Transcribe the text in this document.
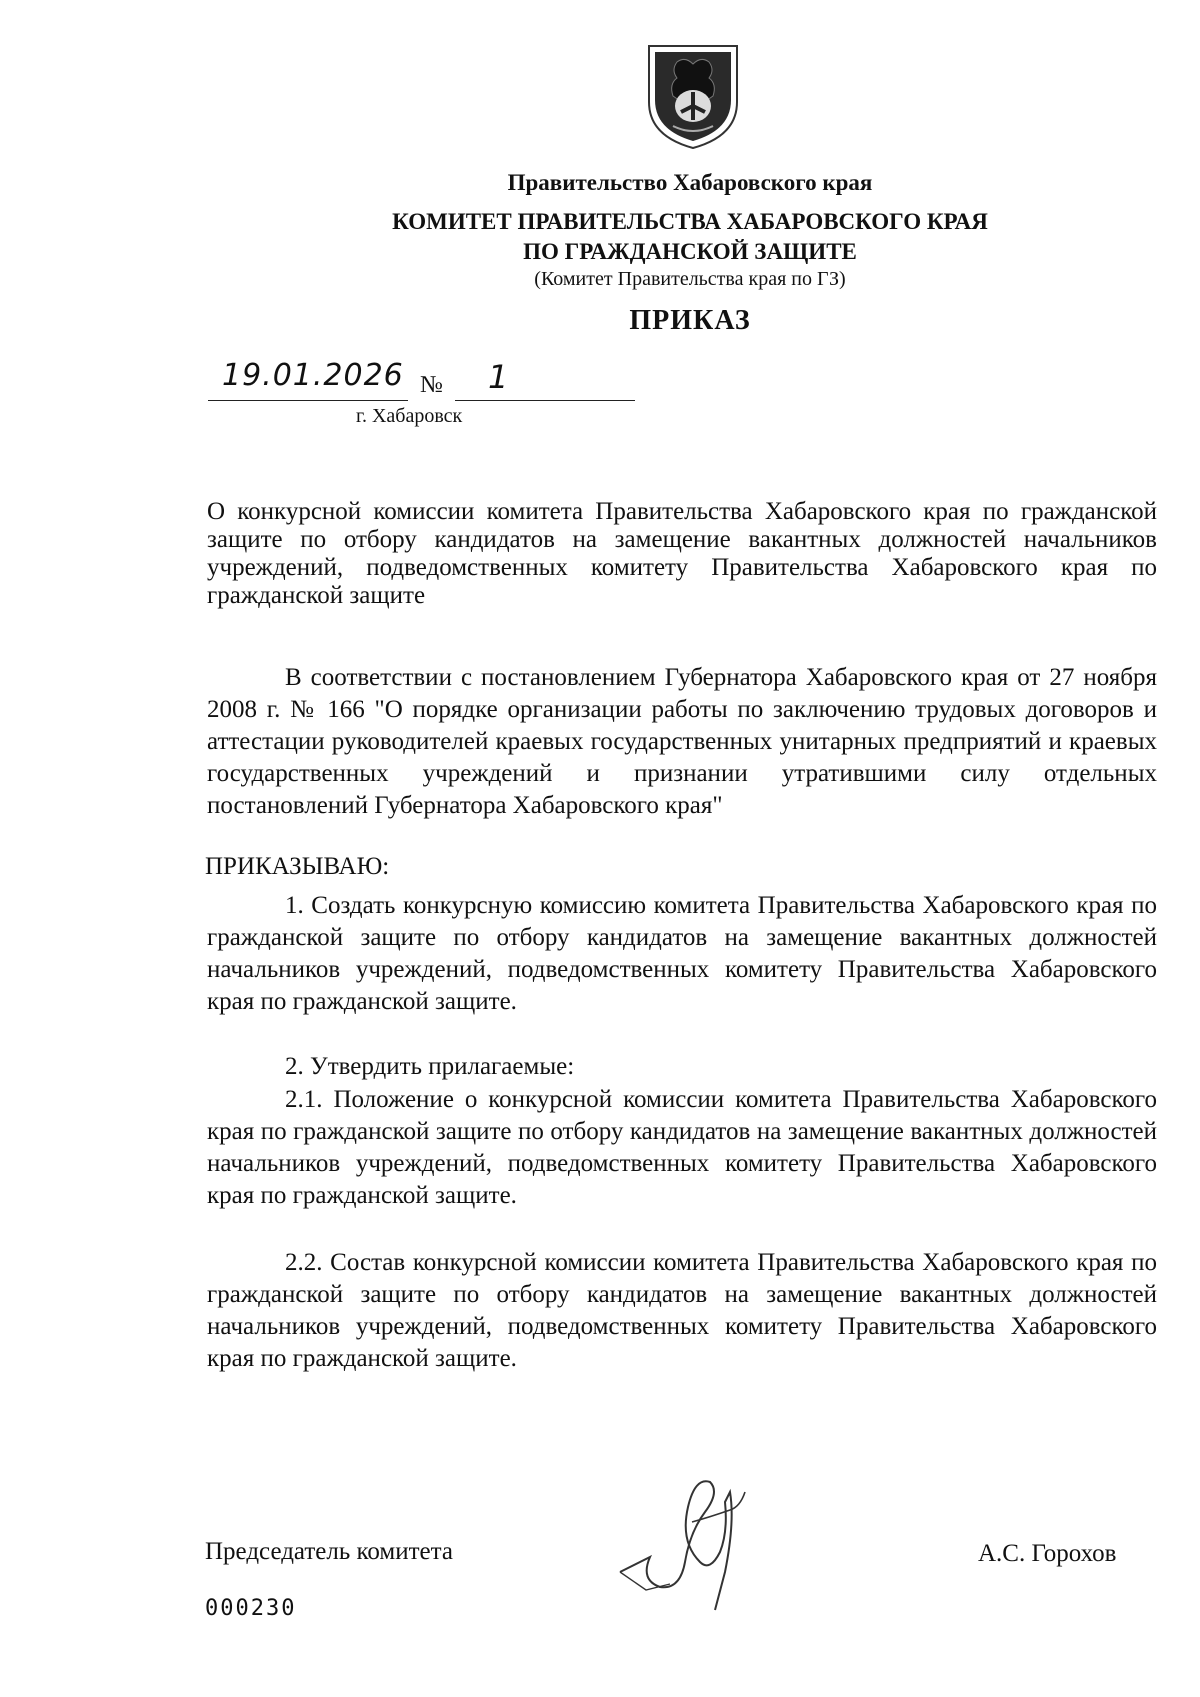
Правительство Хабаровского края
КОМИТЕТ ПРАВИТЕЛЬСТВА ХАБАРОВСКОГО КРАЯ
ПО ГРАЖДАНСКОЙ ЗАЩИТЕ
(Комитет Правительства края по ГЗ)
ПРИКАЗ
19.01.2026 № 1
г. Хабаровск

О конкурсной комиссии комитета Правительства Хабаровского края по гражданской защите по отбору кандидатов на замещение вакантных должностей начальников учреждений, подведомственных комитету Правительства Хабаровского края по гражданской защите

В соответствии с постановлением Губернатора Хабаровского края от 27 ноября 2008 г. № 166 "О порядке организации работы по заключению трудовых договоров и аттестации руководителей краевых государственных унитарных предприятий и краевых государственных учреждений и признании утратившими силу отдельных постановлений Губернатора Хабаровского края"

ПРИКАЗЫВАЮ:

1. Создать конкурсную комиссию комитета Правительства Хабаровского края по гражданской защите по отбору кандидатов на замещение вакантных должностей начальников учреждений, подведомственных комитету Правительства Хабаровского края по гражданской защите.

2. Утвердить прилагаемые:

2.1. Положение о конкурсной комиссии комитета Правительства Хабаровского края по гражданской защите по отбору кандидатов на замещение вакантных должностей начальников учреждений, подведомственных комитету Правительства Хабаровского края по гражданской защите.

2.2. Состав конкурсной комиссии комитета Правительства Хабаровского края по гражданской защите по отбору кандидатов на замещение вакантных должностей начальников учреждений, подведомственных комитету Правительства Хабаровского края по гражданской защите.

Председатель комитета	А.С. Горохов
000230
